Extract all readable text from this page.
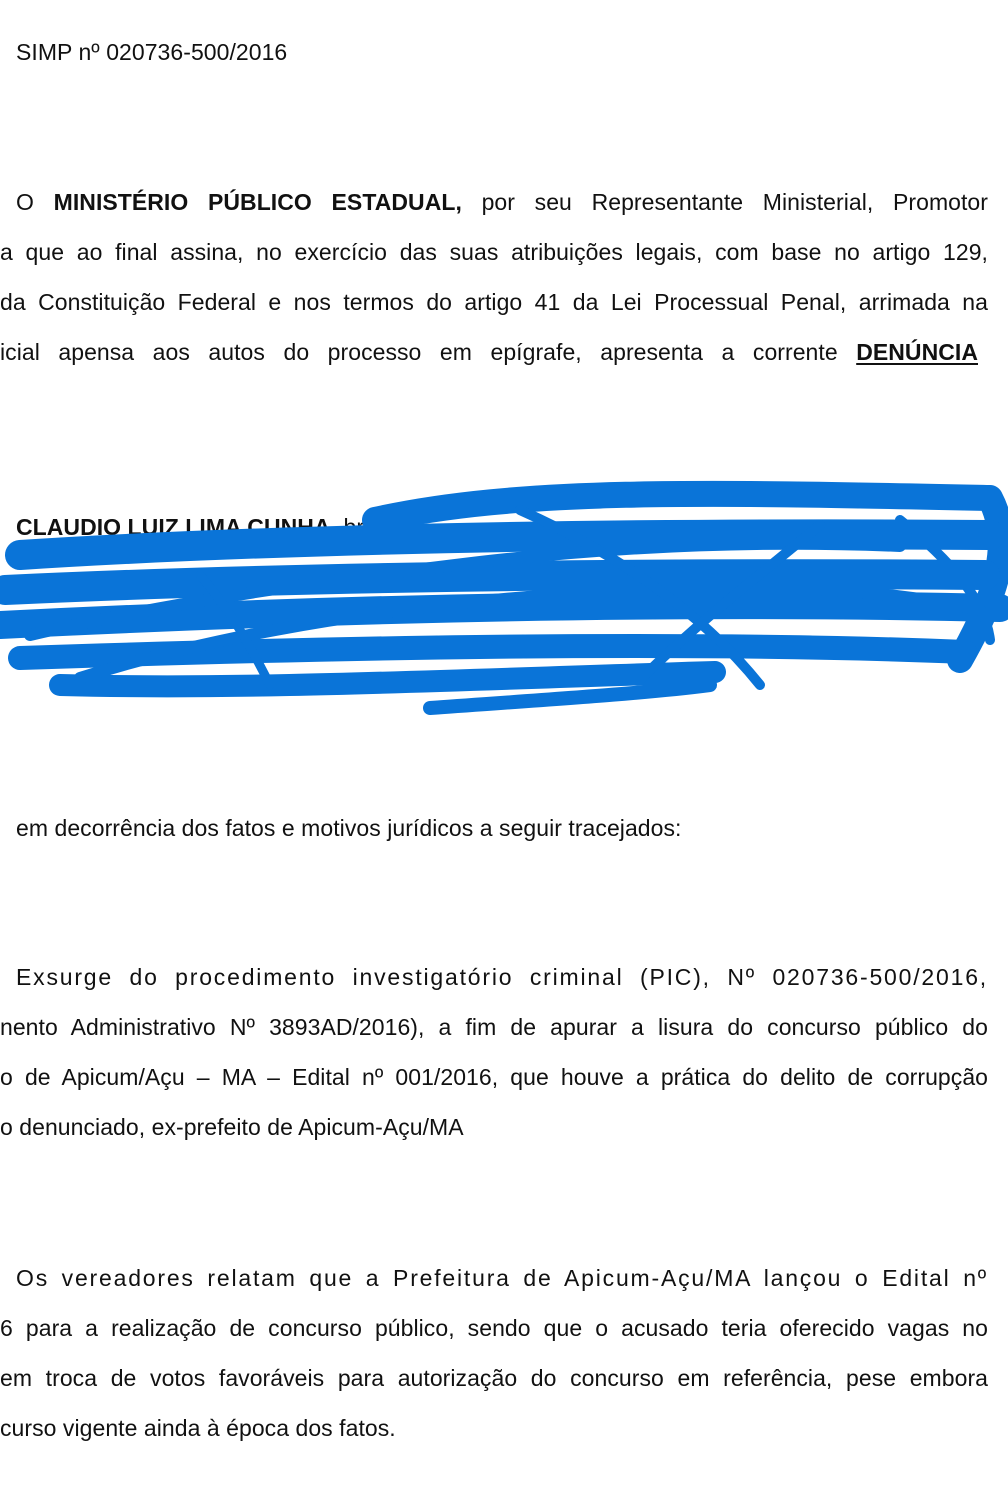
SIMP nº 020736-500/2016
O MINISTÉRIO PÚBLICO ESTADUAL, por seu Representante Ministerial, Promotor
a que ao final assina, no exercício das suas atribuições legais, com base no artigo 129,
da Constituição Federal e nos termos do artigo 41 da Lei Processual Penal, arrimada na
icial apensa aos autos do processo em epígrafe, apresenta a corrente DENÚNCIA
CLAUDIO LUIZ LIMA CUNHA, bra
em decorrência dos fatos e motivos jurídicos a seguir tracejados:
Exsurge do procedimento investigatório criminal (PIC), Nº 020736-500/2016,
nento Administrativo Nº 3893AD/2016), a fim de apurar a lisura do concurso público do
o de Apicum/Açu – MA – Edital nº 001/2016, que houve a prática do delito de corrupção
o denunciado, ex-prefeito de Apicum-Açu/MA
Os vereadores relatam que a Prefeitura de Apicum-Açu/MA lançou o Edital nº
6 para a realização de concurso público, sendo que o acusado teria oferecido vagas no
em troca de votos favoráveis para autorização do concurso em referência, pese embora
curso vigente ainda à época dos fatos.
